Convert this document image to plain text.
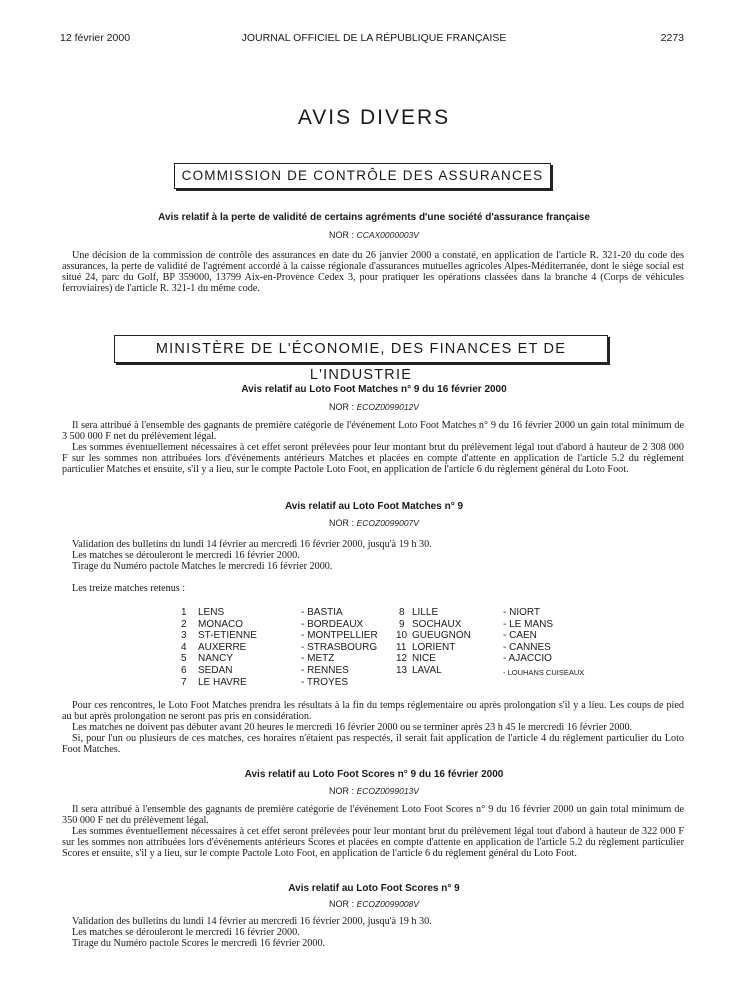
12 février 2000	JOURNAL OFFICIEL DE LA RÉPUBLIQUE FRANÇAISE	2273
AVIS DIVERS
COMMISSION DE CONTRÔLE DES ASSURANCES
Avis relatif à la perte de validité de certains agréments d'une société d'assurance française
NOR : CCAX0000003V

Une décision de la commission de contrôle des assurances en date du 26 janvier 2000 a constaté, en application de l'article R. 321-20 du code des assurances, la perte de validité de l'agrément accordé à la caisse régionale d'assurances mutuelles agricoles Alpes-Méditerranée, dont le siège social est situé 24, parc du Golf, BP 359000, 13799 Aix-en-Provence Cedex 3, pour pratiquer les opérations classées dans la branche 4 (Corps de véhicules ferroviaires) de l'article R. 321-1 du même code.

MINISTÈRE DE L'ÉCONOMIE, DES FINANCES ET DE L'INDUSTRIE
Avis relatif au Loto Foot Matches n° 9 du 16 février 2000
NOR : ECOZ0099012V

Il sera attribué à l'ensemble des gagnants de première catégorie de l'événement Loto Foot Matches n° 9 du 16 février 2000 un gain total minimum de 3 500 000 F net du prélèvement légal.

Les sommes éventuellement nécessaires à cet effet seront prélevées pour leur montant brut du prélèvement légal tout d'abord à hauteur de 2 308 000 F sur les sommes non attribuées lors d'événements antérieurs Matches et placées en compte d'attente en application de l'article 5.2 du règlement particulier Matches et ensuite, s'il y a lieu, sur le compte Pactole Loto Foot, en application de l'article 6 du règlement général du Loto Foot.

Avis relatif au Loto Foot Matches n° 9
NOR : ECOZ0099007V
Validation des bulletins du lundi 14 février au mercredi 16 février 2000, jusqu'à 19 h 30.
Les matches se dérouleront le mercredi 16 février 2000.
Tirage du Numéro pactole Matches le mercredi 16 février 2000.
Les treize matches retenus :
1 LENS	- BASTIA
2 MONACO	- BORDEAUX
3 ST-ETIENNE	- MONTPELLIER
4 AUXERRE	- STRASBOURG
5 NANCY	- METZ
6 SEDAN	- RENNES
7 LE HAVRE	- TROYES
8 LILLE	- NIORT
9 SOCHAUX	- LE MANS
10 GUEUGNON	- CAEN
11 LORIENT	- CANNES
12 NICE	- AJACCIO
13 LAVAL	- LOUHANS CUISEAUX

Pour ces rencontres, le Loto Foot Matches prendra les résultats à la fin du temps réglementaire ou après prolongation s'il y a lieu. Les coups de pied au but après prolongation ne seront pas pris en considération.

Les matches ne doivent pas débuter avant 20 heures le mercredi 16 février 2000 ou se terminer après 23 h 45 le mercredi 16 février 2000.

Si, pour l'un ou plusieurs de ces matches, ces horaires n'étaient pas respectés, il serait fait application de l'article 4 du règlement particulier du Loto Foot Matches.

Avis relatif au Loto Foot Scores n° 9 du 16 février 2000
NOR : ECOZ0099013V

Il sera attribué à l'ensemble des gagnants de première catégorie de l'événement Loto Foot Scores n° 9 du 16 février 2000 un gain total minimum de 350 000 F net du prélèvement légal.

Les sommes éventuellement nécessaires à cet effet seront prélevées pour leur montant brut du prélèvement légal tout d'abord à hauteur de 322 000 F sur les sommes non attribuées lors d'événements antérieurs Scores et placées en compte d'attente en application de l'article 5.2 du règlement particulier Scores et ensuite, s'il y a lieu, sur le compte Pactole Loto Foot, en application de l'article 6 du règlement général du Loto Foot.

Avis relatif au Loto Foot Scores n° 9
NOR : ECOZ0099008V
Validation des bulletins du lundi 14 février au mercredi 16 février 2000, jusqu'à 19 h 30.
Les matches se dérouleront le mercredi 16 février 2000.
Tirage du Numéro pactole Scores le mercredi 16 février 2000.
